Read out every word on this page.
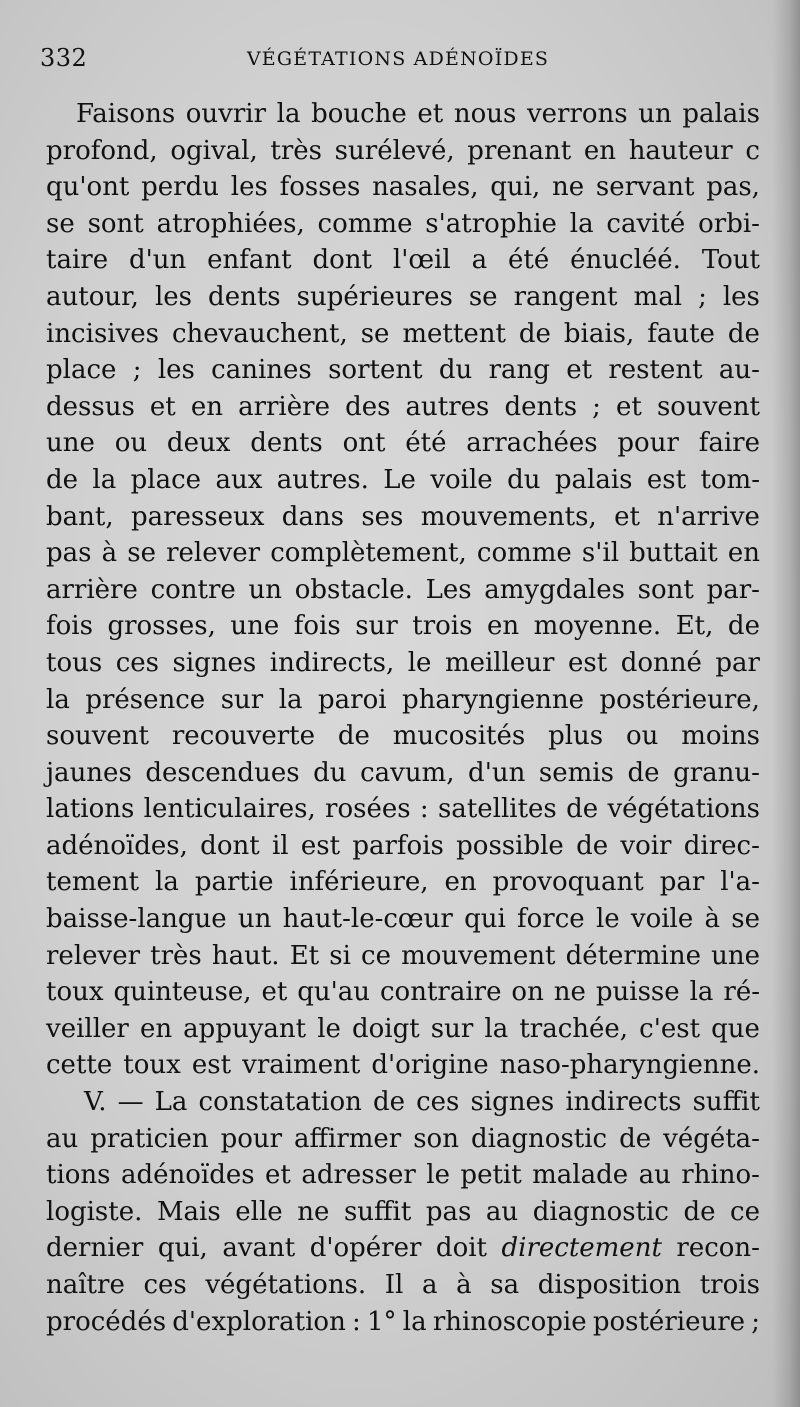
332	VÉGÉTATIONS ADÉNOÏDES
Faisons ouvrir la bouche et nous verrons un palais
profond, ogival, très surélevé, prenant en hauteur c
qu'ont perdu les fosses nasales, qui, ne servant pas,
se sont atrophiées, comme s'atrophie la cavité orbi-
taire d'un enfant dont l'œil a été énucléé. Tout
autour, les dents supérieures se rangent mal ; les
incisives chevauchent, se mettent de biais, faute de
place ; les canines sortent du rang et restent au-
dessus et en arrière des autres dents ; et souvent
une ou deux dents ont été arrachées pour faire
de la place aux autres. Le voile du palais est tom-
bant, paresseux dans ses mouvements, et n'arrive
pas à se relever complètement, comme s'il buttait en
arrière contre un obstacle. Les amygdales sont par-
fois grosses, une fois sur trois en moyenne. Et, de
tous ces signes indirects, le meilleur est donné par
la présence sur la paroi pharyngienne postérieure,
souvent recouverte de mucosités plus ou moins
jaunes descendues du cavum, d'un semis de granu-
lations lenticulaires, rosées : satellites de végétations
adénoïdes, dont il est parfois possible de voir direc-
tement la partie inférieure, en provoquant par l'a-
baisse-langue un haut-le-cœur qui force le voile à se
relever très haut. Et si ce mouvement détermine une
toux quinteuse, et qu'au contraire on ne puisse la ré-
veiller en appuyant le doigt sur la trachée, c'est que
cette toux est vraiment d'origine naso-pharyngienne.
V. — La constatation de ces signes indirects suffit
au praticien pour affirmer son diagnostic de végéta-
tions adénoïdes et adresser le petit malade au rhino-
logiste. Mais elle ne suffit pas au diagnostic de ce
dernier qui, avant d'opérer doit directement recon-
naître ces végétations. Il a à sa disposition trois
procédés d'exploration : 1° la rhinoscopie postérieure ;
